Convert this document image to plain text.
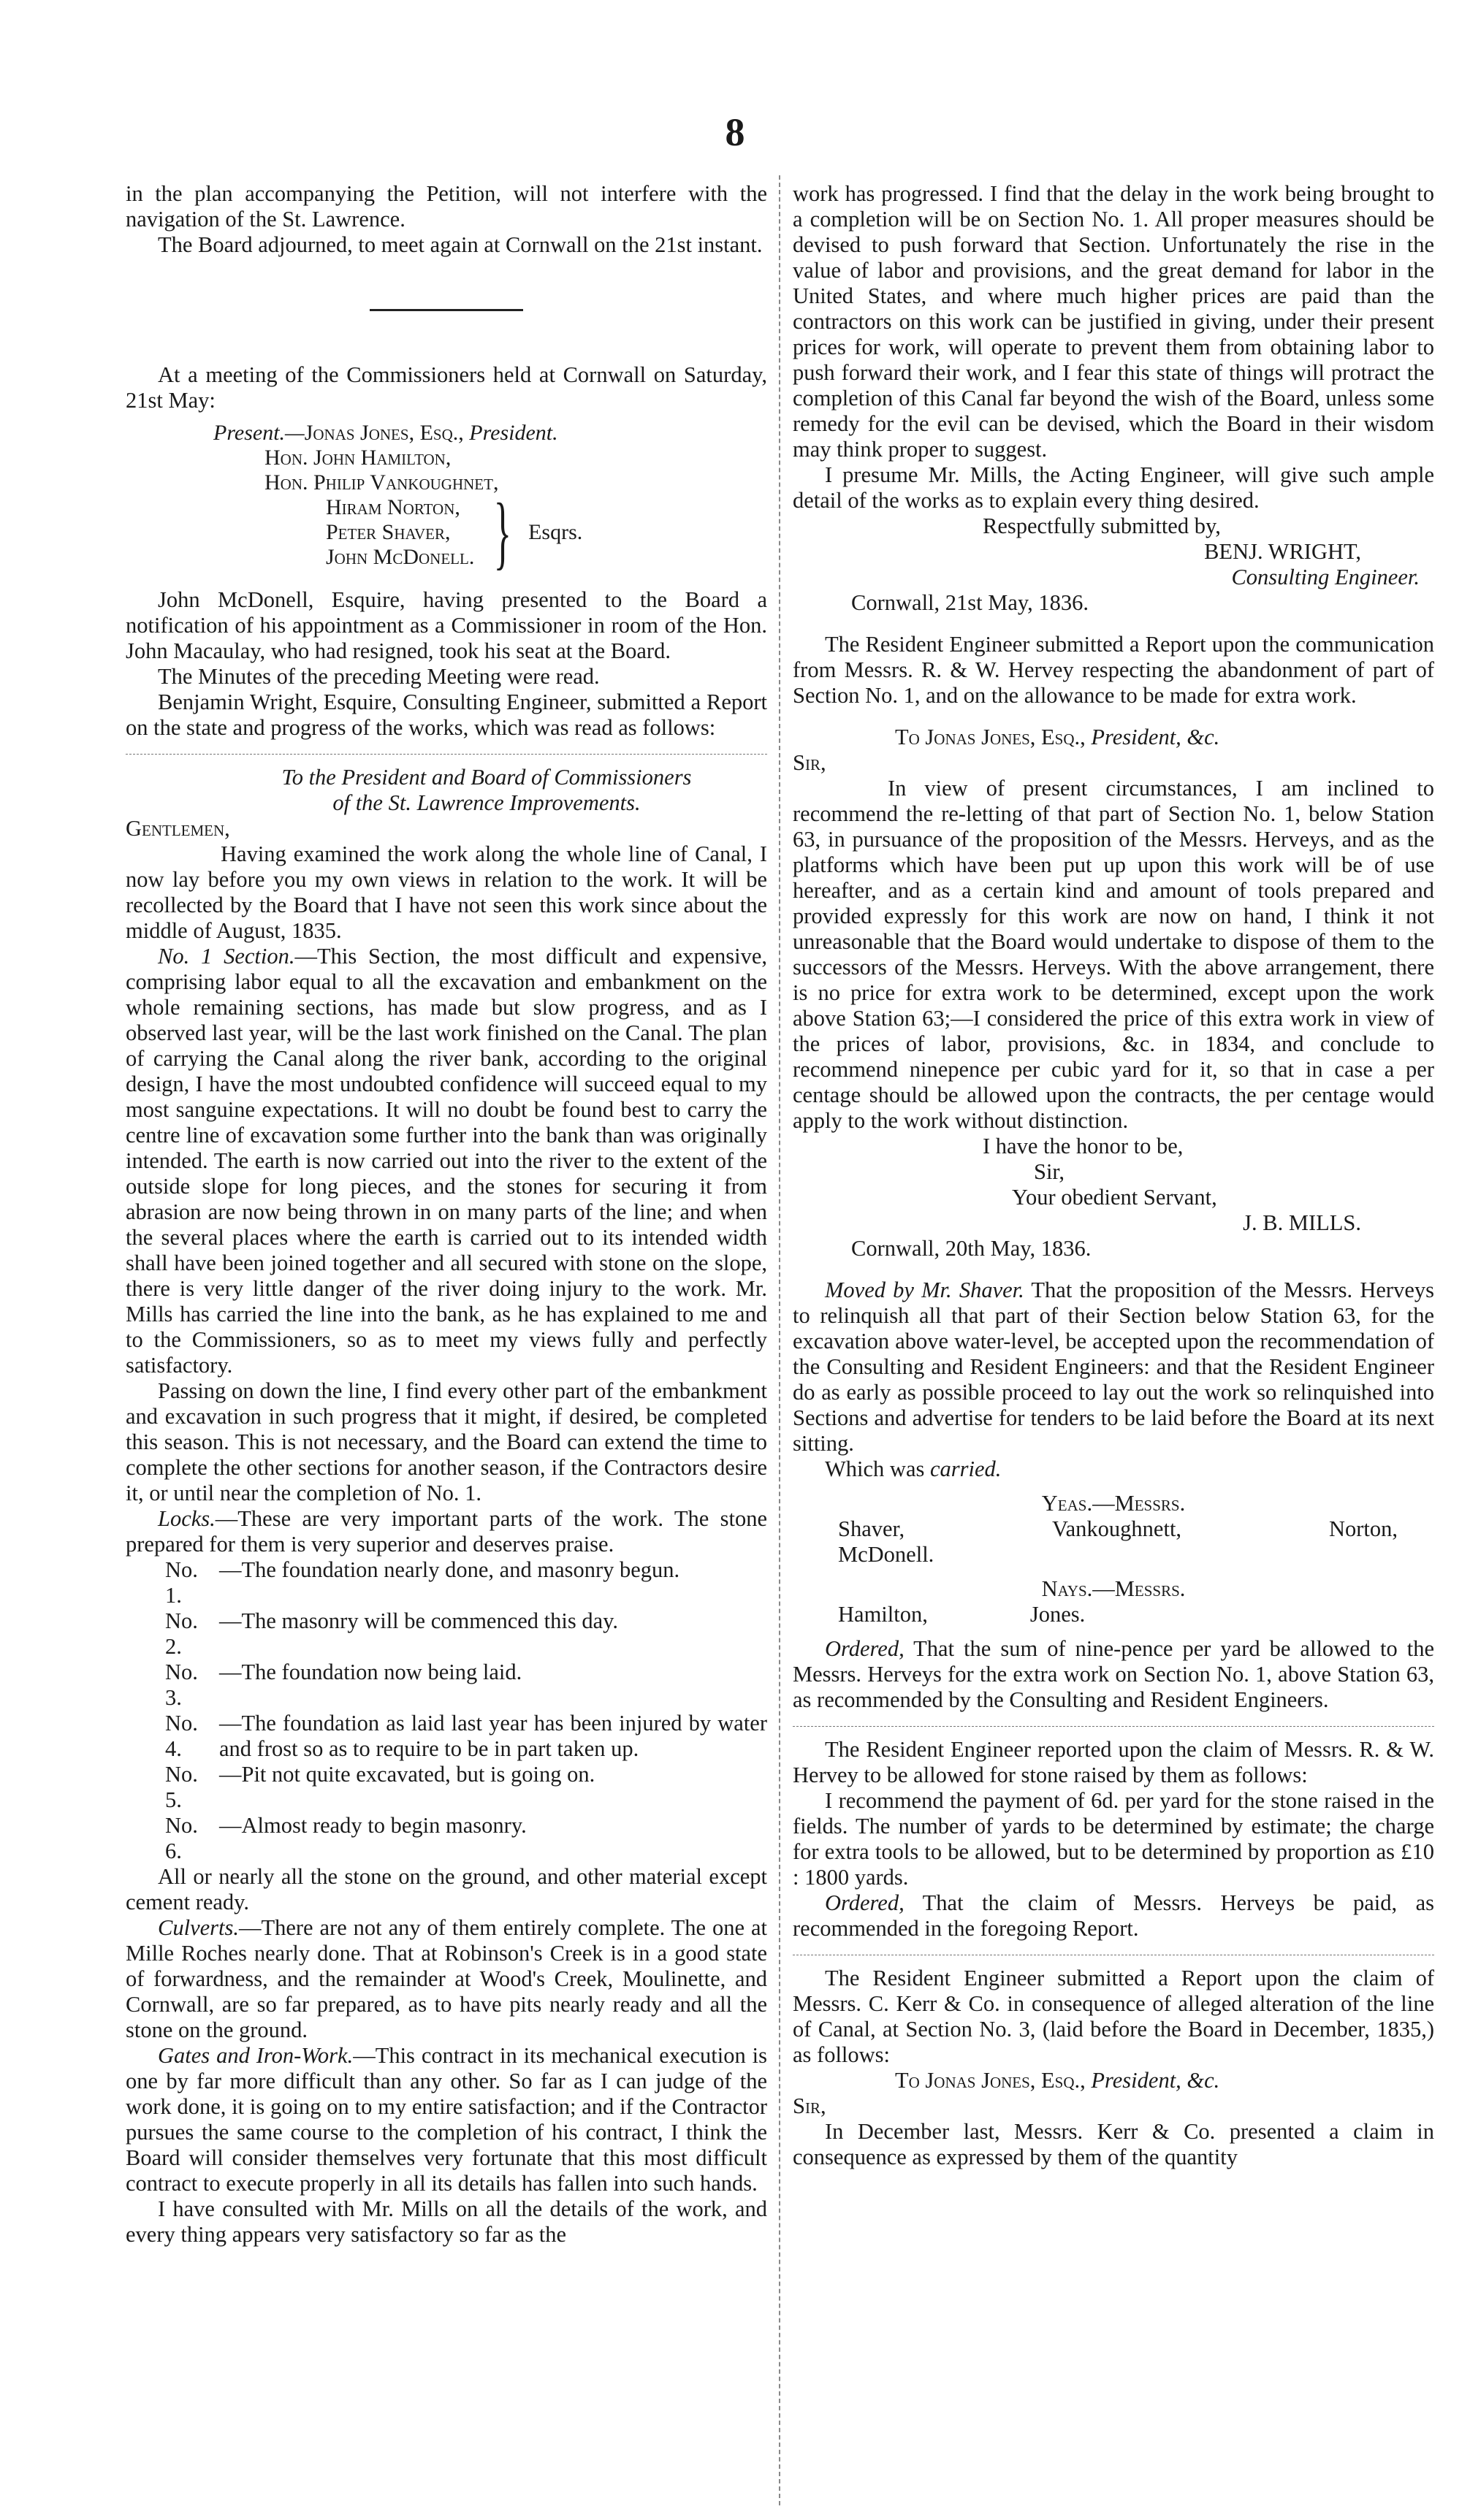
8

in the plan accompanying the Petition, will not interfere with the navigation of the St. Lawrence.

The Board adjourned, to meet again at Cornwall on the 21st instant.

At a meeting of the Commissioners held at Cornwall on Saturday, 21st May:

Present.—Jonas Jones, Esq., President.
Hon. John Hamilton,
Hon. Philip Vankoughnet,
Hiram Norton,
Peter Shaver,
John McDonell. } Esqrs.

John McDonell, Esquire, having presented to the Board a notification of his appointment as a Commissioner in room of the Hon. John Macaulay, who had resigned, took his seat at the Board.

The Minutes of the preceding Meeting were read.

Benjamin Wright, Esquire, Consulting Engineer, submitted a Report on the state and progress of the works, which was read as follows:

To the President and Board of Commissioners

of the St. Lawrence Improvements.

Gentlemen,

Having examined the work along the whole line of Canal, I now lay before you my own views in relation to the work. It will be recollected by the Board that I have not seen this work since about the middle of August, 1835.

No. 1 Section.—This Section, the most difficult and expensive, comprising labor equal to all the excavation and embankment on the whole remaining sections, has made but slow progress, and as I observed last year, will be the last work finished on the Canal. The plan of carrying the Canal along the river bank, according to the original design, I have the most undoubted confidence will succeed equal to my most sanguine expectations. It will no doubt be found best to carry the centre line of excavation some further into the bank than was originally intended. The earth is now carried out into the river to the extent of the outside slope for long pieces, and the stones for securing it from abrasion are now being thrown in on many parts of the line; and when the several places where the earth is carried out to its intended width shall have been joined together and all secured with stone on the slope, there is very little danger of the river doing injury to the work. Mr. Mills has carried the line into the bank, as he has explained to me and to the Commissioners, so as to meet my views fully and perfectly satisfactory.

Passing on down the line, I find every other part of the embankment and excavation in such progress that it might, if desired, be completed this season. This is not necessary, and the Board can extend the time to complete the other sections for another season, if the Contractors desire it, or until near the completion of No. 1.

Locks.—These are very important parts of the work. The stone prepared for them is very superior and deserves praise.

No. 1.
—The foundation nearly done, and masonry begun.
No. 2.
—The masonry will be commenced this day.
No. 3.
—The foundation now being laid.
No. 4.
—The foundation as laid last year has been injured by water and frost so as to require to be in part taken up.
No. 5.
—Pit not quite excavated, but is going on.
No. 6.
—Almost ready to begin masonry.

All or nearly all the stone on the ground, and other material except cement ready.

Culverts.—There are not any of them entirely complete. The one at Mille Roches nearly done. That at Robinson's Creek is in a good state of forwardness, and the remainder at Wood's Creek, Moulinette, and Cornwall, are so far prepared, as to have pits nearly ready and all the stone on the ground.

Gates and Iron-Work.—This contract in its mechanical execution is one by far more difficult than any other. So far as I can judge of the work done, it is going on to my entire satisfaction; and if the Contractor pursues the same course to the completion of his contract, I think the Board will consider themselves very fortunate that this most difficult contract to execute properly in all its details has fallen into such hands.

I have consulted with Mr. Mills on all the details of the work, and every thing appears very satisfactory so far as the

work has progressed. I find that the delay in the work being brought to a completion will be on Section No. 1. All proper measures should be devised to push forward that Section. Unfortunately the rise in the value of labor and provisions, and the great demand for labor in the United States, and where much higher prices are paid than the contractors on this work can be justified in giving, under their present prices for work, will operate to prevent them from obtaining labor to push forward their work, and I fear this state of things will protract the completion of this Canal far beyond the wish of the Board, unless some remedy for the evil can be devised, which the Board in their wisdom may think proper to suggest.

I presume Mr. Mills, the Acting Engineer, will give such ample detail of the works as to explain every thing desired.

Respectfully submitted by,

BENJ. WRIGHT,

Consulting Engineer.

Cornwall, 21st May, 1836.

The Resident Engineer submitted a Report upon the communication from Messrs. R. & W. Hervey respecting the abandonment of part of Section No. 1, and on the allowance to be made for extra work.

To Jonas Jones, Esq., President, &c.

Sir,

In view of present circumstances, I am inclined to recommend the re-letting of that part of Section No. 1, below Station 63, in pursuance of the proposition of the Messrs. Herveys, and as the platforms which have been put up upon this work will be of use hereafter, and as a certain kind and amount of tools prepared and provided expressly for this work are now on hand, I think it not unreasonable that the Board would undertake to dispose of them to the successors of the Messrs. Herveys. With the above arrangement, there is no price for extra work to be determined, except upon the work above Station 63;—I considered the price of this extra work in view of the prices of labor, provisions, &c. in 1834, and conclude to recommend ninepence per cubic yard for it, so that in case a per centage should be allowed upon the contracts, the per centage would apply to the work without distinction.

I have the honor to be,

Sir,

Your obedient Servant,

J. B. MILLS.

Cornwall, 20th May, 1836.

Moved by Mr. Shaver. That the proposition of the Messrs. Herveys to relinquish all that part of their Section below Station 63, for the excavation above water-level, be accepted upon the recommendation of the Consulting and Resident Engineers: and that the Resident Engineer do as early as possible proceed to lay out the work so relinquished into Sections and advertise for tenders to be laid before the Board at its next sitting.

Which was carried.

Yeas.—Messrs.

Shaver,	Vankoughnett,	Norton,

McDonell.

Nays.—Messrs.

Hamilton,	Jones.

Ordered, That the sum of nine-pence per yard be allowed to the Messrs. Herveys for the extra work on Section No. 1, above Station 63, as recommended by the Consulting and Resident Engineers.

The Resident Engineer reported upon the claim of Messrs. R. & W. Hervey to be allowed for stone raised by them as follows:

I recommend the payment of 6d. per yard for the stone raised in the fields. The number of yards to be determined by estimate; the charge for extra tools to be allowed, but to be determined by proportion as £10 : 1800 yards.

Ordered, That the claim of Messrs. Herveys be paid, as recommended in the foregoing Report.

The Resident Engineer submitted a Report upon the claim of Messrs. C. Kerr & Co. in consequence of alleged alteration of the line of Canal, at Section No. 3, (laid before the Board in December, 1835,) as follows:

To Jonas Jones, Esq., President, &c.

Sir,

In December last, Messrs. Kerr & Co. presented a claim in consequence as expressed by them of the quantity
